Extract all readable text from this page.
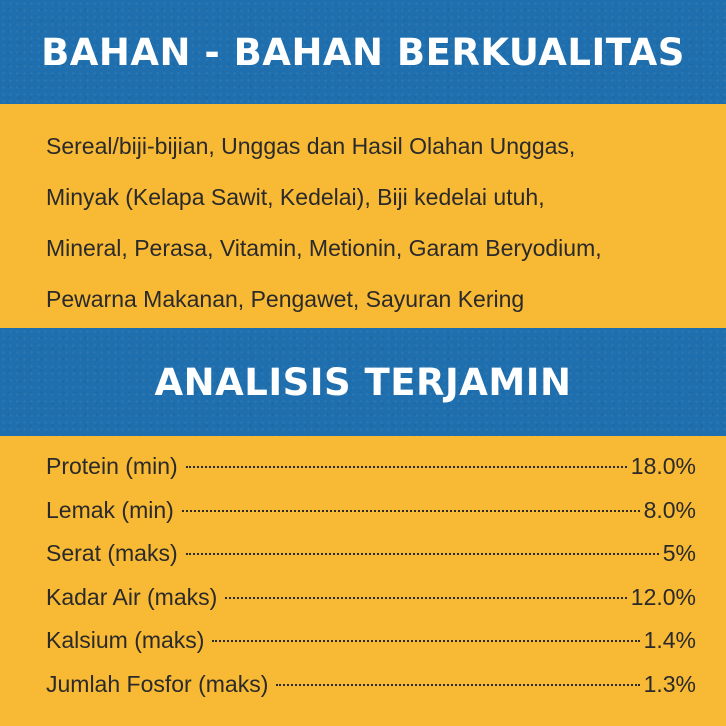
BAHAN - BAHAN BERKUALITAS
Sereal/biji-bijian, Unggas dan Hasil Olahan Unggas,
Minyak (Kelapa Sawit, Kedelai), Biji kedelai utuh,
Mineral, Perasa, Vitamin, Metionin, Garam Beryodium,
Pewarna Makanan, Pengawet, Sayuran Kering
ANALISIS TERJAMIN
Protein (min)	18.0%
Lemak (min)	8.0%
Serat (maks)	5%
Kadar Air (maks)	12.0%
Kalsium (maks)	1.4%
Jumlah Fosfor (maks)	1.3%
